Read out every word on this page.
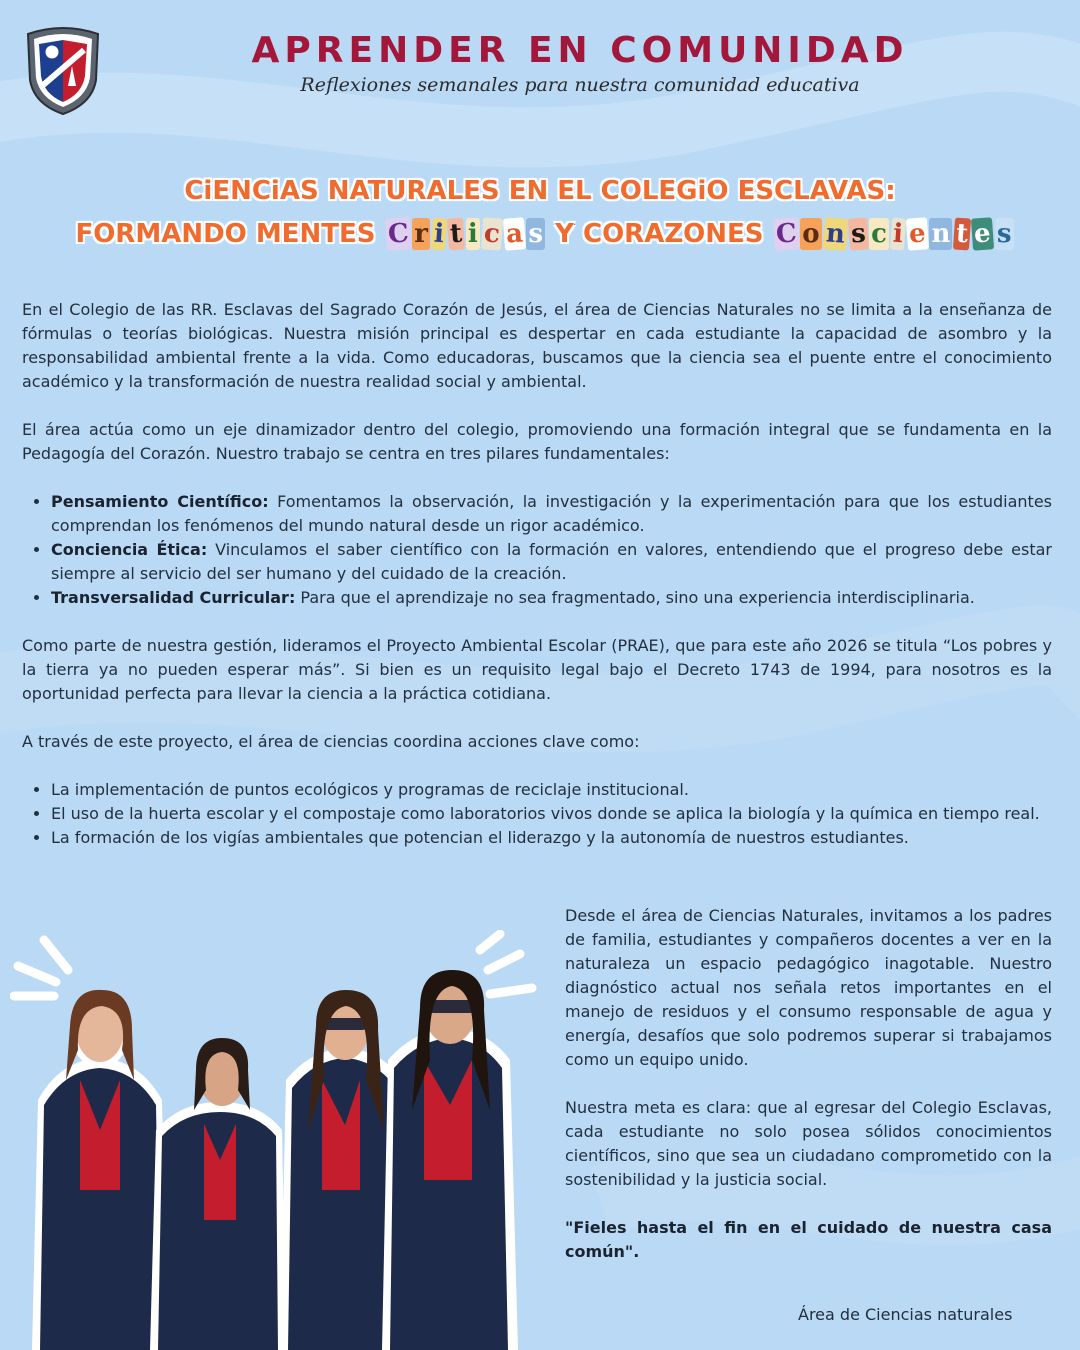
APRENDER EN COMUNIDAD
Reflexiones semanales para nuestra comunidad educativa
CiENCiAS NATURALES EN EL COLEGiO ESCLAVAS:
FORMANDO MENTES C r i t i c a s Y CORAZONES C o n s c i e n t e s

En el Colegio de las RR. Esclavas del Sagrado Corazón de Jesús, el área de Ciencias Naturales no se limita a la enseñanza de fórmulas o teorías biológicas. Nuestra misión principal es despertar en cada estudiante la capacidad de asombro y la responsabilidad ambiental frente a la vida. Como educadoras, buscamos que la ciencia sea el puente entre el conocimiento académico y la transformación de nuestra realidad social y ambiental.

El área actúa como un eje dinamizador dentro del colegio, promoviendo una formación integral que se fundamenta en la Pedagogía del Corazón. Nuestro trabajo se centra en tres pilares fundamentales:

• Pensamiento Científico: Fomentamos la observación, la investigación y la experimentación para que los estudiantes comprendan los fenómenos del mundo natural desde un rigor académico.
• Conciencia Ética: Vinculamos el saber científico con la formación en valores, entendiendo que el progreso debe estar siempre al servicio del ser humano y del cuidado de la creación.
• Transversalidad Curricular: Para que el aprendizaje no sea fragmentado, sino una experiencia interdisciplinaria.

Como parte de nuestra gestión, lideramos el Proyecto Ambiental Escolar (PRAE), que para este año 2026 se titula “Los pobres y la tierra ya no pueden esperar más”. Si bien es un requisito legal bajo el Decreto 1743 de 1994, para nosotros es la oportunidad perfecta para llevar la ciencia a la práctica cotidiana.

A través de este proyecto, el área de ciencias coordina acciones clave como:

• La implementación de puntos ecológicos y programas de reciclaje institucional.
• El uso de la huerta escolar y el compostaje como laboratorios vivos donde se aplica la biología y la química en tiempo real.
• La formación de los vigías ambientales que potencian el liderazgo y la autonomía de nuestros estudiantes.

Desde el área de Ciencias Naturales, invitamos a los padres de familia, estudiantes y compañeros docentes a ver en la naturaleza un espacio pedagógico inagotable. Nuestro diagnóstico actual nos señala retos importantes en el manejo de residuos y el consumo responsable de agua y energía, desafíos que solo podremos superar si trabajamos como un equipo unido.

Nuestra meta es clara: que al egresar del Colegio Esclavas, cada estudiante no solo posea sólidos conocimientos científicos, sino que sea un ciudadano comprometido con la sostenibilidad y la justicia social.

"Fieles hasta el fin en el cuidado de nuestra casa común".

Área de Ciencias naturales
